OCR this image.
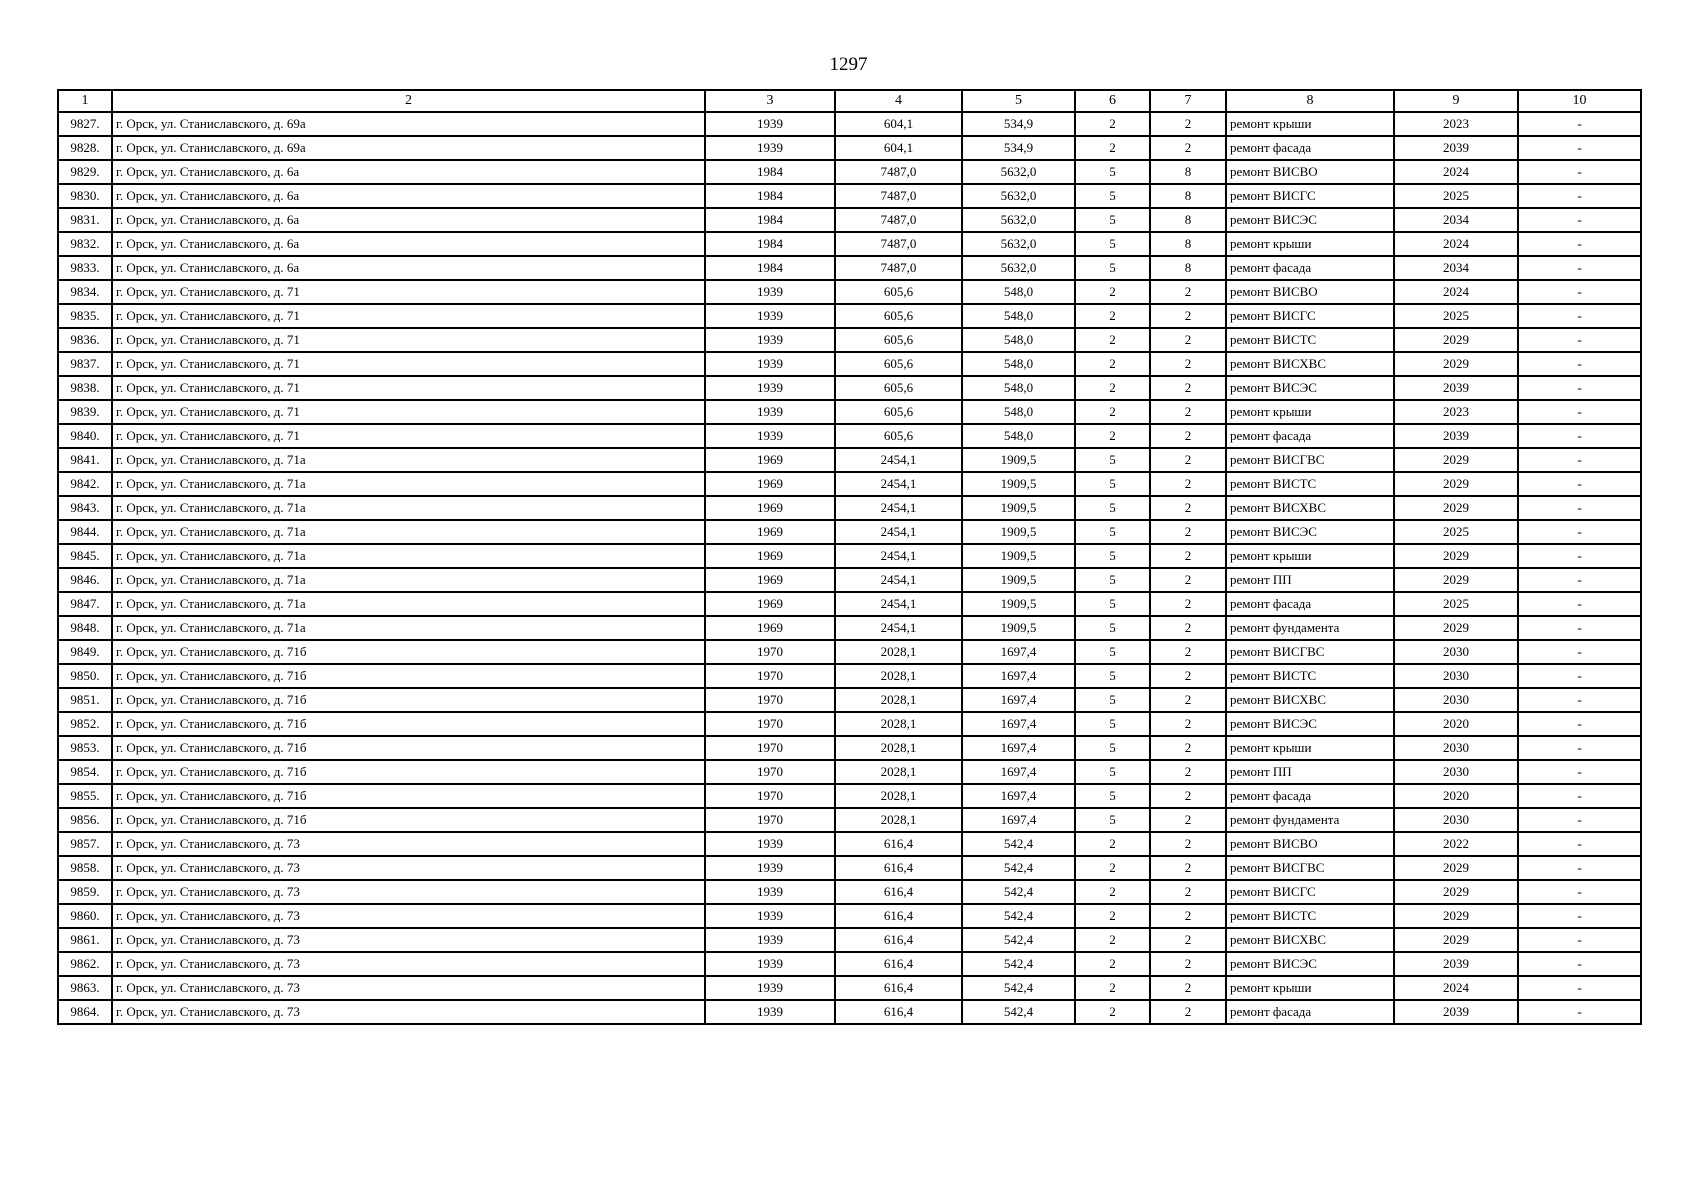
1297
1	2	3	4	5	6	7	8	9	10
9827.	г. Орск, ул. Станиславского, д. 69а	1939	604,1	534,9	2	2	ремонт крыши	2023	-
9828.	г. Орск, ул. Станиславского, д. 69а	1939	604,1	534,9	2	2	ремонт фасада	2039	-
9829.	г. Орск, ул. Станиславского, д. 6а	1984	7487,0	5632,0	5	8	ремонт ВИСВО	2024	-
9830.	г. Орск, ул. Станиславского, д. 6а	1984	7487,0	5632,0	5	8	ремонт ВИСГС	2025	-
9831.	г. Орск, ул. Станиславского, д. 6а	1984	7487,0	5632,0	5	8	ремонт ВИСЭС	2034	-
9832.	г. Орск, ул. Станиславского, д. 6а	1984	7487,0	5632,0	5	8	ремонт крыши	2024	-
9833.	г. Орск, ул. Станиславского, д. 6а	1984	7487,0	5632,0	5	8	ремонт фасада	2034	-
9834.	г. Орск, ул. Станиславского, д. 71	1939	605,6	548,0	2	2	ремонт ВИСВО	2024	-
9835.	г. Орск, ул. Станиславского, д. 71	1939	605,6	548,0	2	2	ремонт ВИСГС	2025	-
9836.	г. Орск, ул. Станиславского, д. 71	1939	605,6	548,0	2	2	ремонт ВИСТС	2029	-
9837.	г. Орск, ул. Станиславского, д. 71	1939	605,6	548,0	2	2	ремонт ВИСХВС	2029	-
9838.	г. Орск, ул. Станиславского, д. 71	1939	605,6	548,0	2	2	ремонт ВИСЭС	2039	-
9839.	г. Орск, ул. Станиславского, д. 71	1939	605,6	548,0	2	2	ремонт крыши	2023	-
9840.	г. Орск, ул. Станиславского, д. 71	1939	605,6	548,0	2	2	ремонт фасада	2039	-
9841.	г. Орск, ул. Станиславского, д. 71а	1969	2454,1	1909,5	5	2	ремонт ВИСГВС	2029	-
9842.	г. Орск, ул. Станиславского, д. 71а	1969	2454,1	1909,5	5	2	ремонт ВИСТС	2029	-
9843.	г. Орск, ул. Станиславского, д. 71а	1969	2454,1	1909,5	5	2	ремонт ВИСХВС	2029	-
9844.	г. Орск, ул. Станиславского, д. 71а	1969	2454,1	1909,5	5	2	ремонт ВИСЭС	2025	-
9845.	г. Орск, ул. Станиславского, д. 71а	1969	2454,1	1909,5	5	2	ремонт крыши	2029	-
9846.	г. Орск, ул. Станиславского, д. 71а	1969	2454,1	1909,5	5	2	ремонт ПП	2029	-
9847.	г. Орск, ул. Станиславского, д. 71а	1969	2454,1	1909,5	5	2	ремонт фасада	2025	-
9848.	г. Орск, ул. Станиславского, д. 71а	1969	2454,1	1909,5	5	2	ремонт фундамента	2029	-
9849.	г. Орск, ул. Станиславского, д. 71б	1970	2028,1	1697,4	5	2	ремонт ВИСГВС	2030	-
9850.	г. Орск, ул. Станиславского, д. 71б	1970	2028,1	1697,4	5	2	ремонт ВИСТС	2030	-
9851.	г. Орск, ул. Станиславского, д. 71б	1970	2028,1	1697,4	5	2	ремонт ВИСХВС	2030	-
9852.	г. Орск, ул. Станиславского, д. 71б	1970	2028,1	1697,4	5	2	ремонт ВИСЭС	2020	-
9853.	г. Орск, ул. Станиславского, д. 71б	1970	2028,1	1697,4	5	2	ремонт крыши	2030	-
9854.	г. Орск, ул. Станиславского, д. 71б	1970	2028,1	1697,4	5	2	ремонт ПП	2030	-
9855.	г. Орск, ул. Станиславского, д. 71б	1970	2028,1	1697,4	5	2	ремонт фасада	2020	-
9856.	г. Орск, ул. Станиславского, д. 71б	1970	2028,1	1697,4	5	2	ремонт фундамента	2030	-
9857.	г. Орск, ул. Станиславского, д. 73	1939	616,4	542,4	2	2	ремонт ВИСВО	2022	-
9858.	г. Орск, ул. Станиславского, д. 73	1939	616,4	542,4	2	2	ремонт ВИСГВС	2029	-
9859.	г. Орск, ул. Станиславского, д. 73	1939	616,4	542,4	2	2	ремонт ВИСГС	2029	-
9860.	г. Орск, ул. Станиславского, д. 73	1939	616,4	542,4	2	2	ремонт ВИСТС	2029	-
9861.	г. Орск, ул. Станиславского, д. 73	1939	616,4	542,4	2	2	ремонт ВИСХВС	2029	-
9862.	г. Орск, ул. Станиславского, д. 73	1939	616,4	542,4	2	2	ремонт ВИСЭС	2039	-
9863.	г. Орск, ул. Станиславского, д. 73	1939	616,4	542,4	2	2	ремонт крыши	2024	-
9864.	г. Орск, ул. Станиславского, д. 73	1939	616,4	542,4	2	2	ремонт фасада	2039	-
